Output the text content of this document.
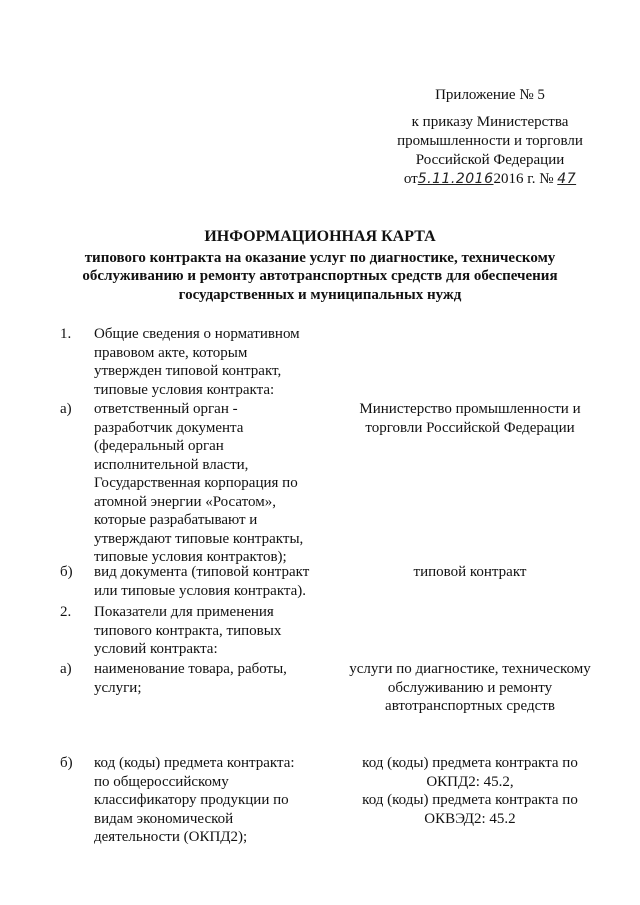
Приложение № 5
к приказу Министерства
промышленности и торговли
Российской Федерации
от5.11.20162016 г. № 47
ИНФОРМАЦИОННАЯ КАРТА
типового контракта на оказание услуг по диагностике, техническому
обслуживанию и ремонту автотранспортных средств для обеспечения
государственных и муниципальных нужд
1. Общие сведения о нормативном
правовом акте, которым
утвержден типовой контракт,
типовые условия контракта:
а) ответственный орган -
разработчик документа
(федеральный орган
исполнительной власти,
Государственная корпорация по
атомной энергии «Росатом»,
которые разрабатывают и
утверждают типовые контракты,
типовые условия контрактов);
Министерство промышленности и
торговли Российской Федерации
б) вид документа (типовой контракт
или типовые условия контракта).
типовой контракт
2. Показатели для применения
типового контракта, типовых
условий контракта:
а) наименование товара, работы,
услуги;
услуги по диагностике, техническому
обслуживанию и ремонту
автотранспортных средств
б) код (коды) предмета контракта:
по общероссийскому
классификатору продукции по
видам экономической
деятельности (ОКПД2);
код (коды) предмета контракта по
ОКПД2: 45.2,
код (коды) предмета контракта по
ОКВЭД2: 45.2
